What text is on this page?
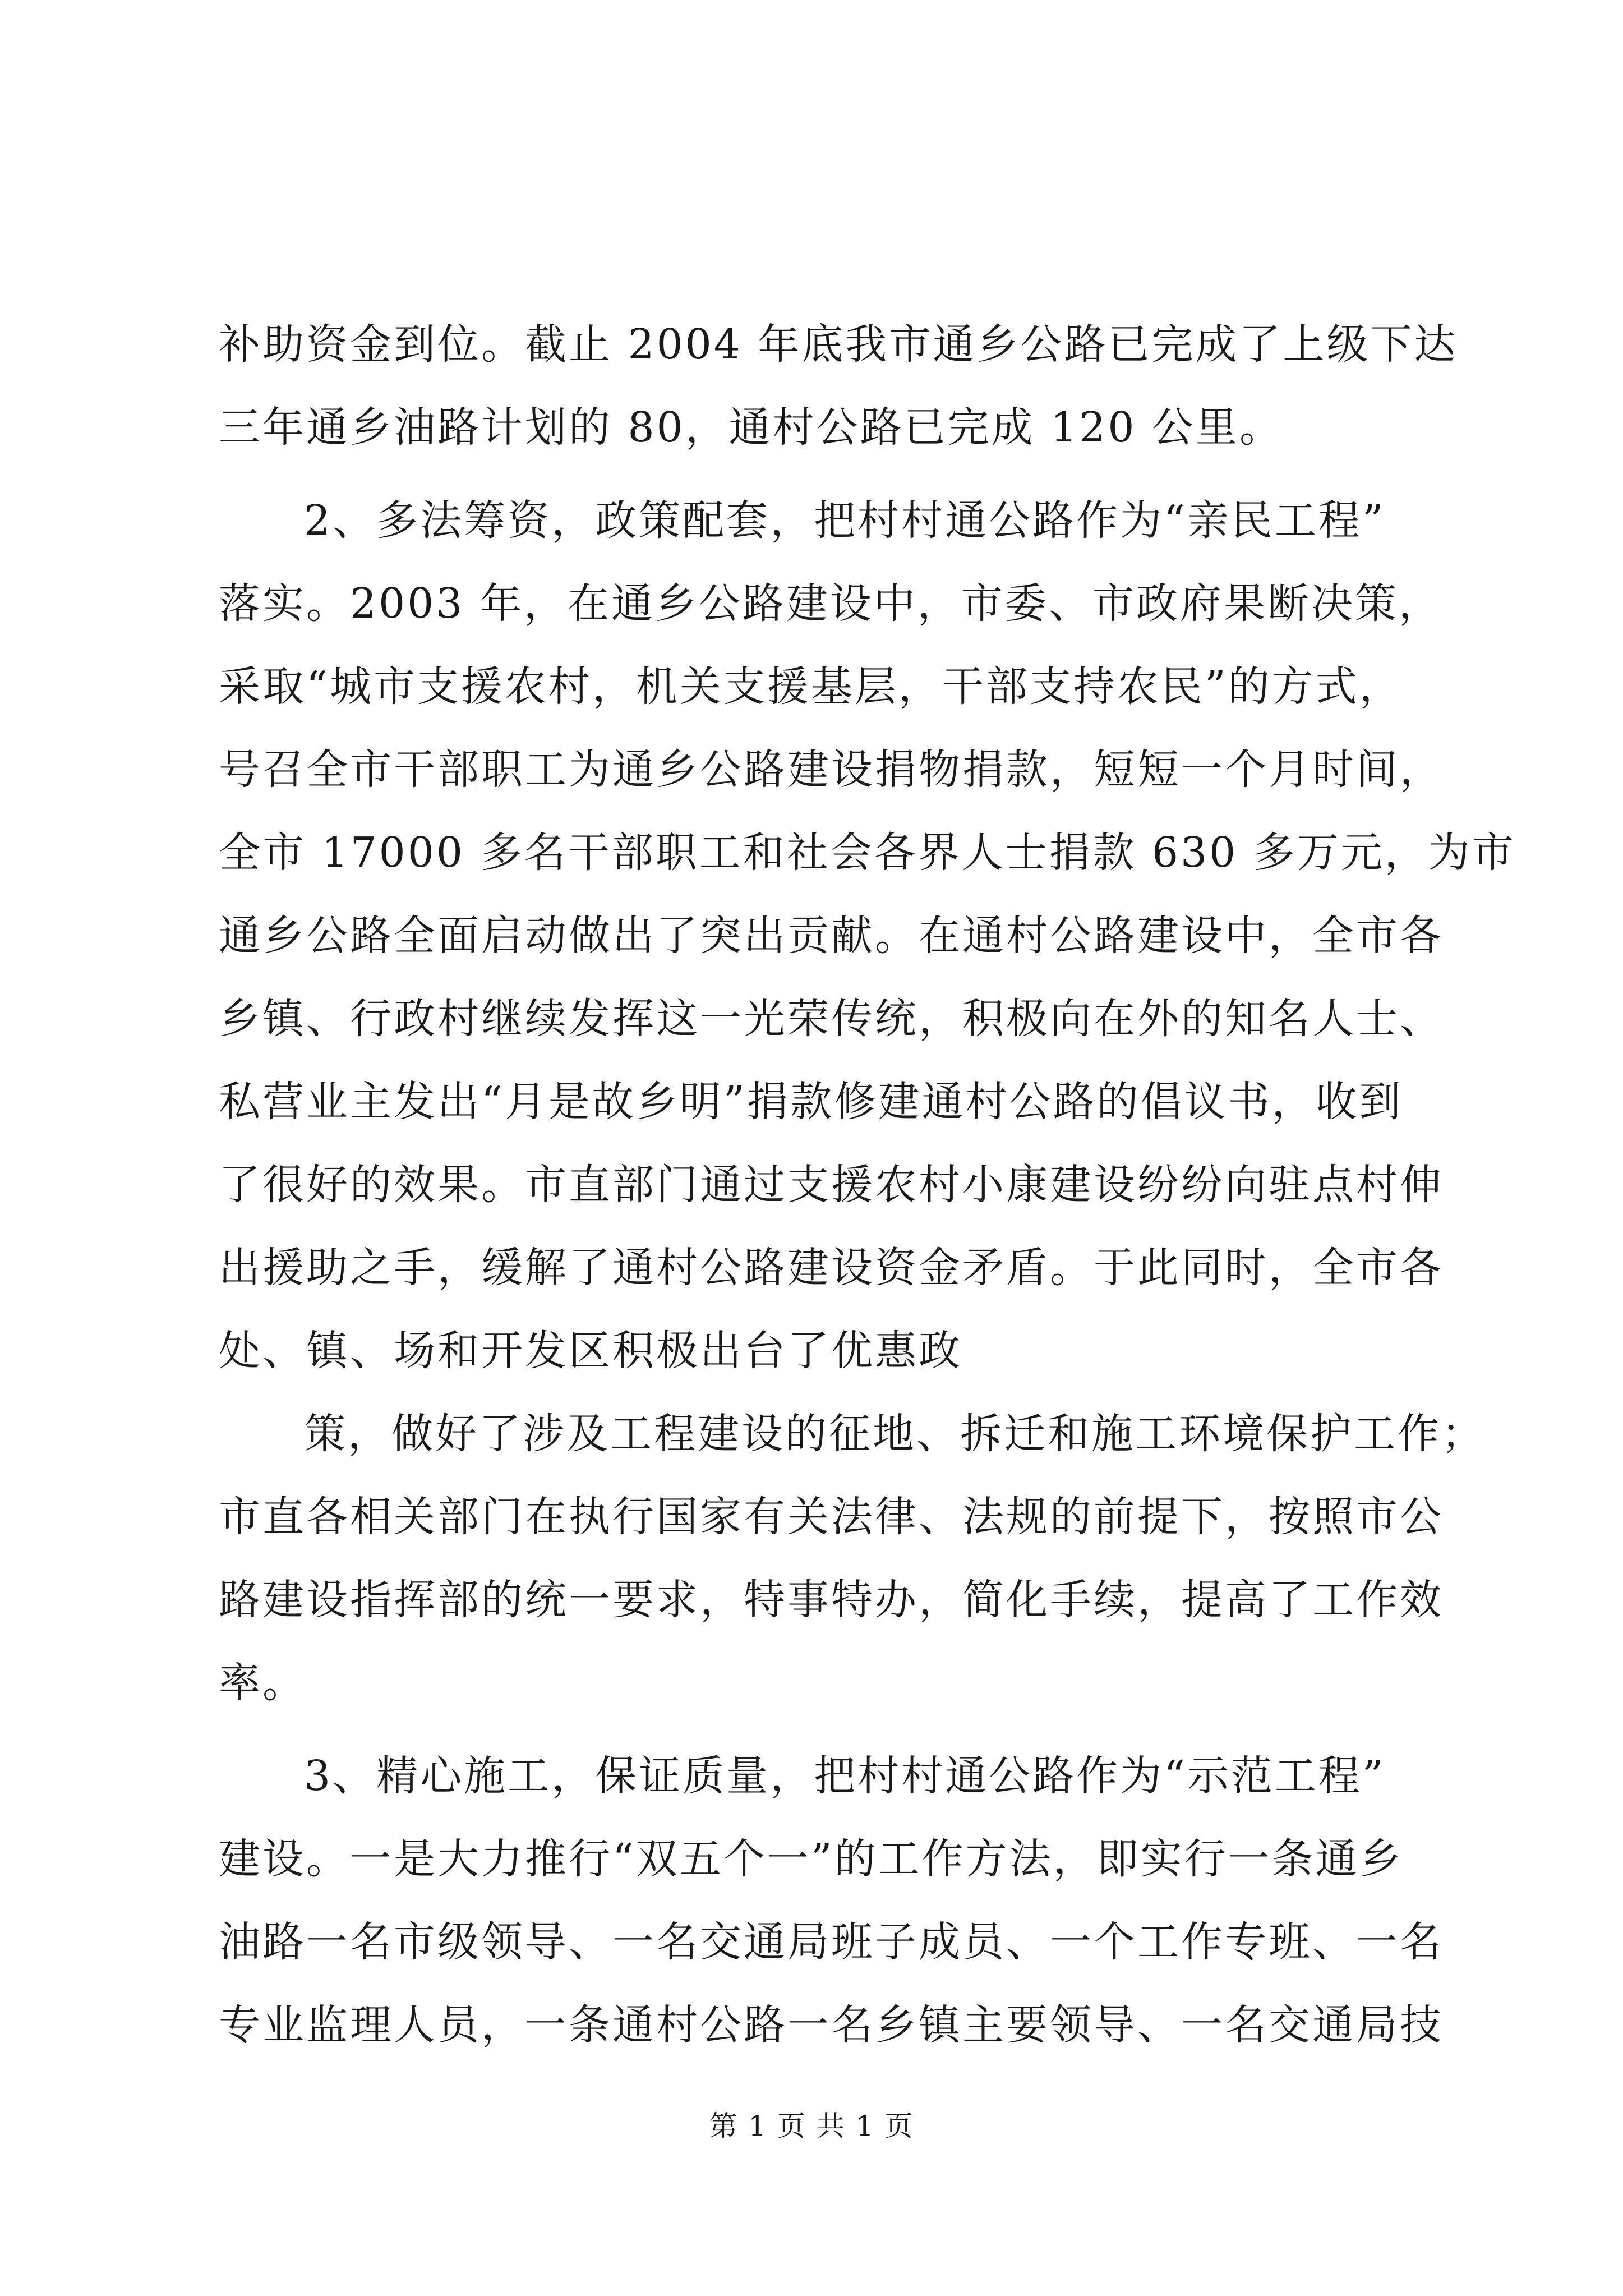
补助资金到位。截止 2004 年底我市通乡公路已完成了上级下达
三年通乡油路计划的 80，通村公路已完成 120 公里。
2、多法筹资，政策配套，把村村通公路作为“亲民工程”
落实。2003 年，在通乡公路建设中，市委、市政府果断决策，
采取“城市支援农村，机关支援基层，干部支持农民”的方式，
号召全市干部职工为通乡公路建设捐物捐款，短短一个月时间，
全市 17000 多名干部职工和社会各界人士捐款 630 多万元，为市
通乡公路全面启动做出了突出贡献。在通村公路建设中，全市各
乡镇、行政村继续发挥这一光荣传统，积极向在外的知名人士、
私营业主发出“月是故乡明”捐款修建通村公路的倡议书，收到
了很好的效果。市直部门通过支援农村小康建设纷纷向驻点村伸
出援助之手，缓解了通村公路建设资金矛盾。于此同时，全市各
处、镇、场和开发区积极出台了优惠政
策，做好了涉及工程建设的征地、拆迁和施工环境保护工作；
市直各相关部门在执行国家有关法律、法规的前提下，按照市公
路建设指挥部的统一要求，特事特办，简化手续，提高了工作效
率。
3、精心施工，保证质量，把村村通公路作为“示范工程”
建设。一是大力推行“双五个一”的工作方法，即实行一条通乡
油路一名市级领导、一名交通局班子成员、一个工作专班、一名
专业监理人员，一条通村公路一名乡镇主要领导、一名交通局技
第 1 页 共 1 页
